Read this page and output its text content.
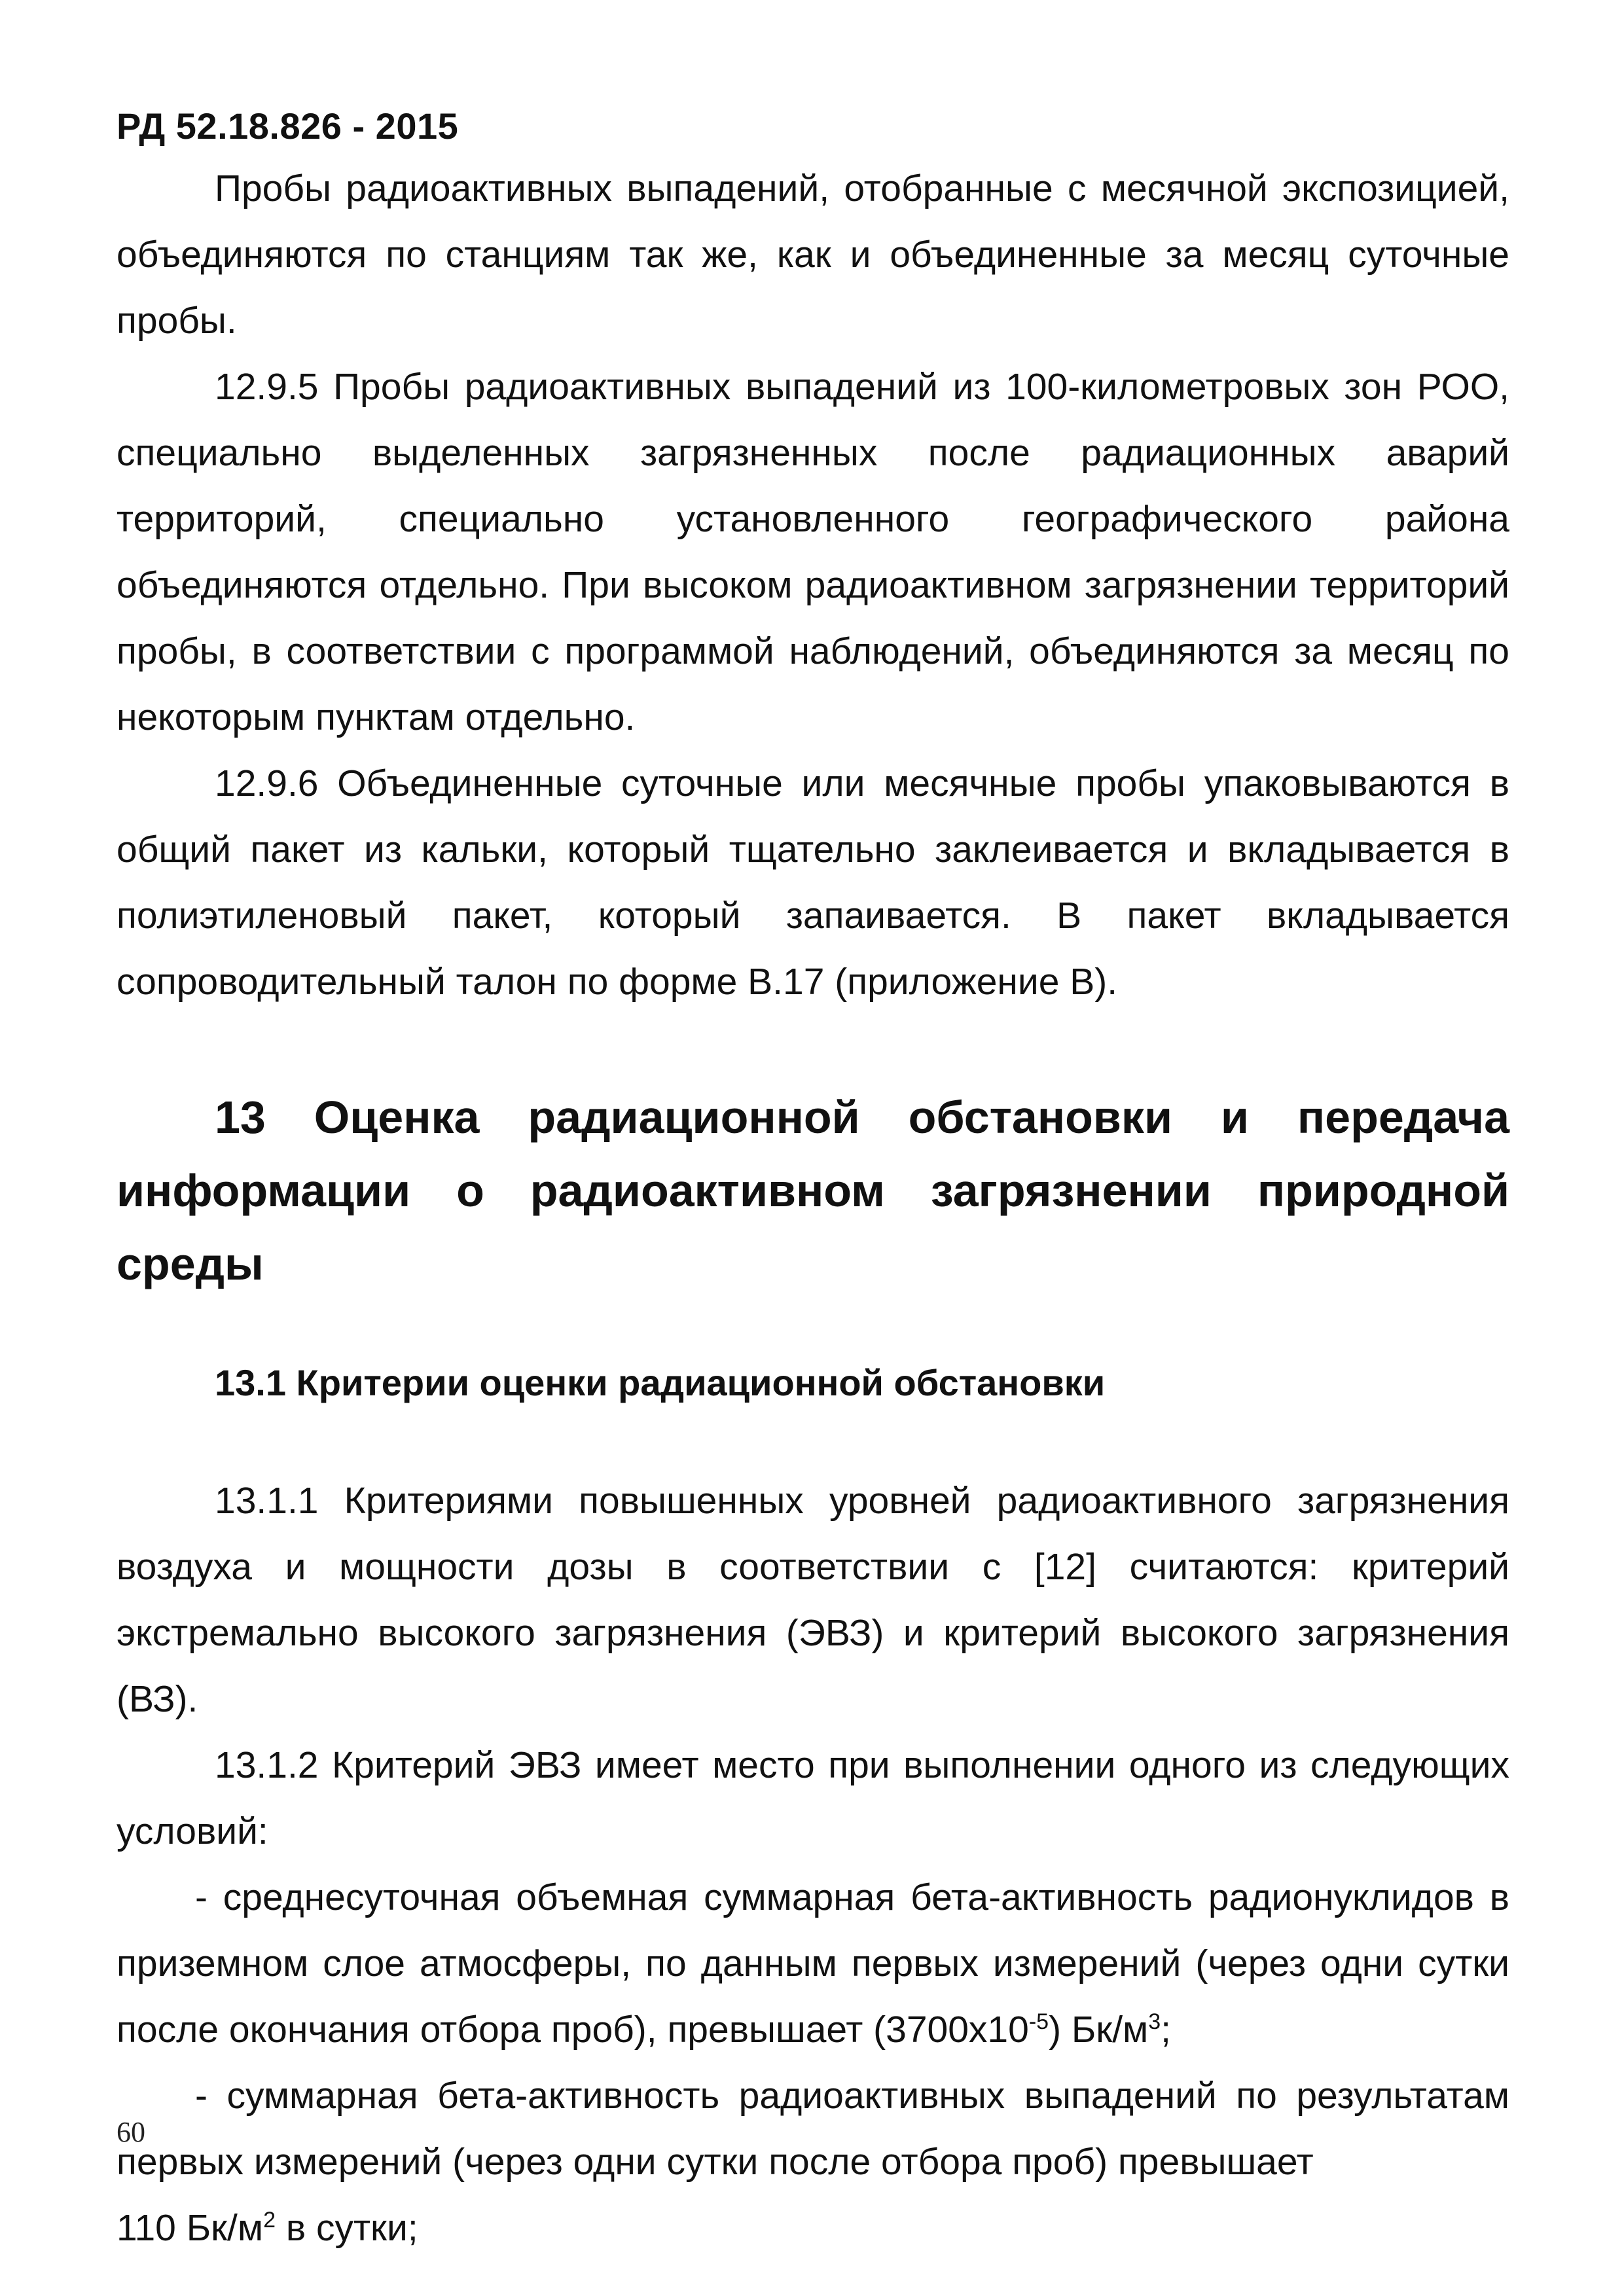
РД 52.18.826 - 2015

Пробы радиоактивных выпадений, отобранные с месячной экспозицией, объединяются по станциям так же, как и объединенные за месяц суточные пробы.

12.9.5 Пробы радиоактивных выпадений из 100-километровых зон РОО, специально выделенных загрязненных после радиационных аварий территорий, специально установленного географического района объединяются отдельно. При высоком радиоактивном загрязнении территорий пробы, в соответствии с программой наблюдений, объединяются за месяц по некоторым пунктам отдельно.

12.9.6 Объединенные суточные или месячные пробы упаковываются в общий пакет из кальки, который тщательно заклеивается и вкладывается в полиэтиленовый пакет, который запаивается. В пакет вкладывается сопроводительный талон по форме В.17 (приложение В).

13 Оценка радиационной обстановки и передача информации о радиоактивном загрязнении природной среды

13.1 Критерии оценки радиационной обстановки

13.1.1 Критериями повышенных уровней радиоактивного загрязнения воздуха и мощности дозы в соответствии с [12] считаются: критерий экстремально высокого загрязнения (ЭВЗ) и критерий высокого загрязнения (ВЗ).

13.1.2 Критерий ЭВЗ имеет место при выполнении одного из следующих условий:

- среднесуточная объемная суммарная бета-активность радионуклидов в приземном слое атмосферы, по данным первых измерений (через одни сутки после окончания отбора проб), превышает $(3700х10^{-5})$ $Бк/м^3$;

- суммарная бета-активность радиоактивных выпадений по результатам первых измерений (через одни сутки после отбора проб) превышает

110 $Бк/м^2$ в сутки;

60
